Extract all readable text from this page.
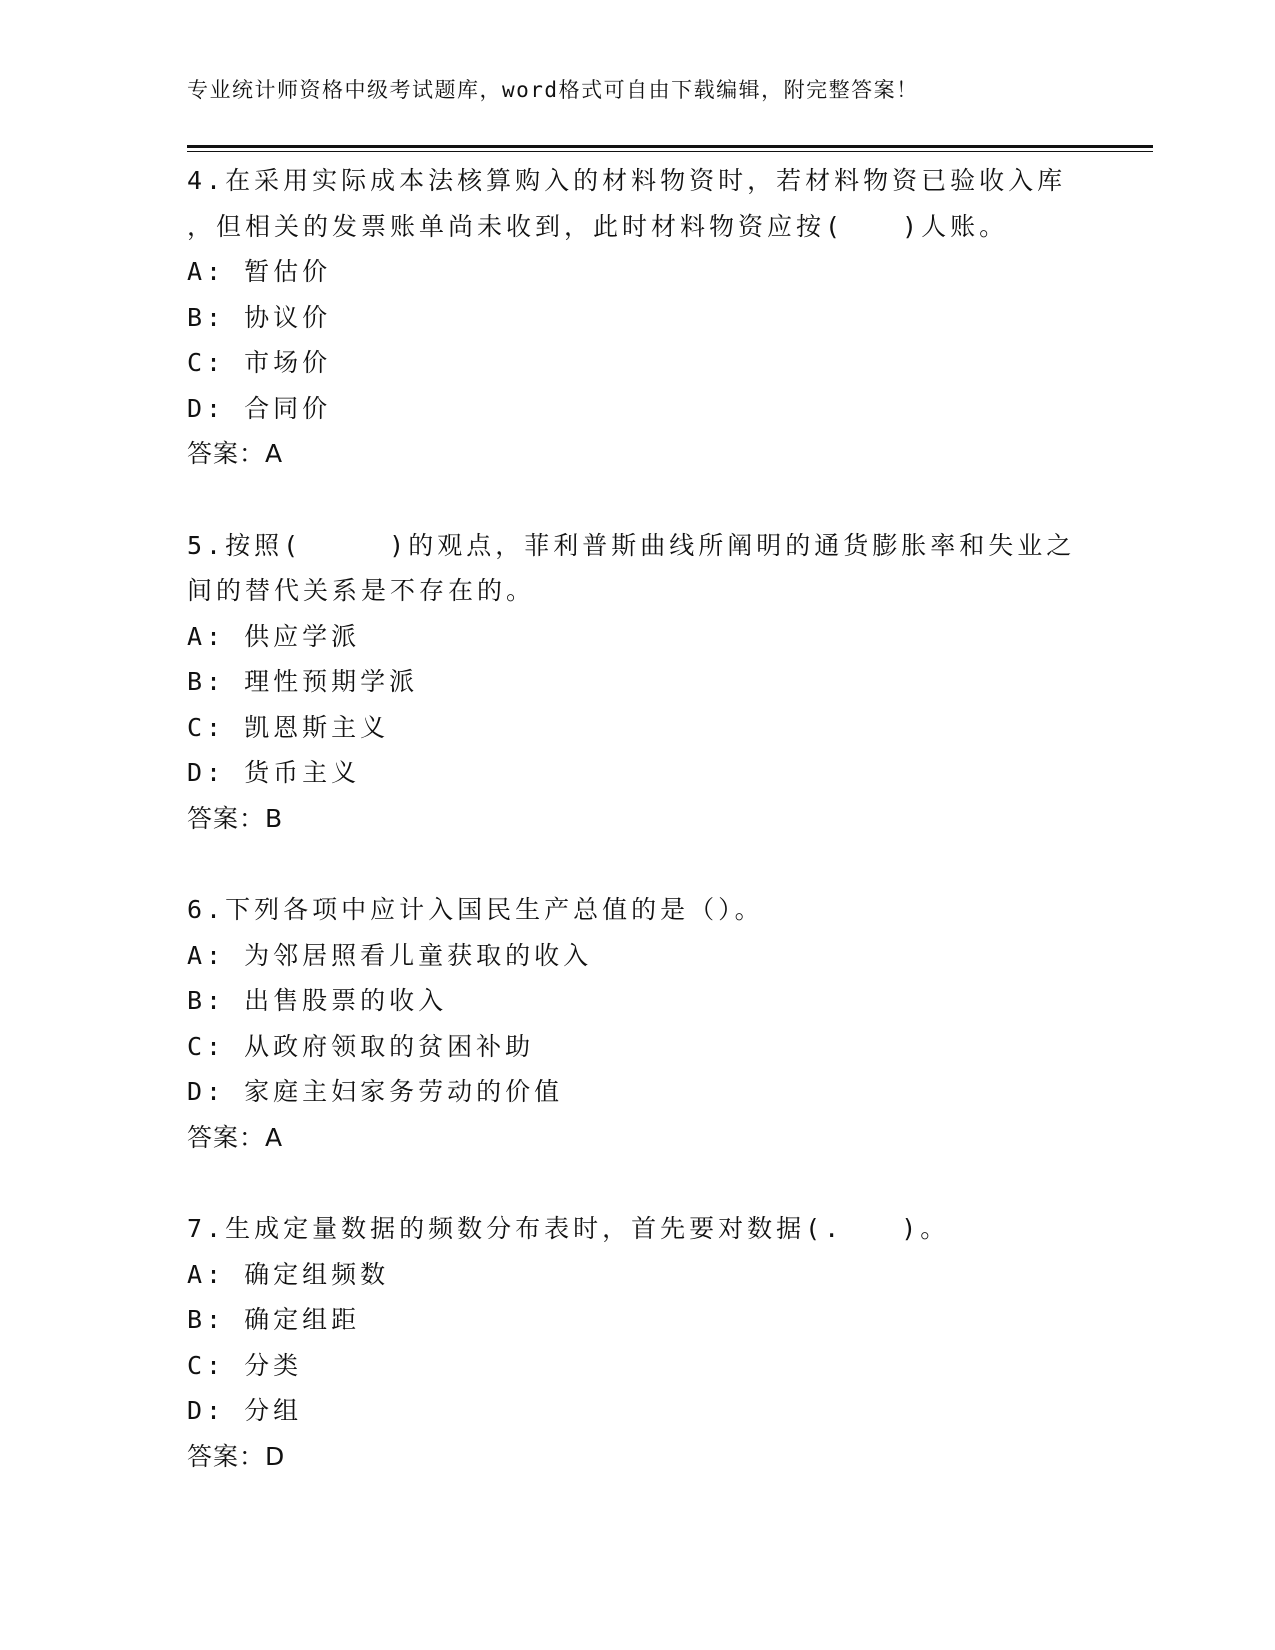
专业统计师资格中级考试题库，word格式可自由下载编辑，附完整答案！
4.在采用实际成本法核算购入的材料物资时，若材料物资已验收入库
，但相关的发票账单尚未收到，此时材料物资应按(　　)人账。
A: 暂估价
B: 协议价
C: 市场价
D: 合同价
答案：A
5.按照(　　　)的观点，菲利普斯曲线所阐明的通货膨胀率和失业之
间的替代关系是不存在的。
A: 供应学派
B: 理性预期学派
C: 凯恩斯主义
D: 货币主义
答案：B
6.下列各项中应计入国民生产总值的是（）。
A: 为邻居照看儿童获取的收入
B: 出售股票的收入
C: 从政府领取的贫困补助
D: 家庭主妇家务劳动的价值
答案：A
7.生成定量数据的频数分布表时，首先要对数据(.　　)。
A: 确定组频数
B: 确定组距
C: 分类
D: 分组
答案：D
